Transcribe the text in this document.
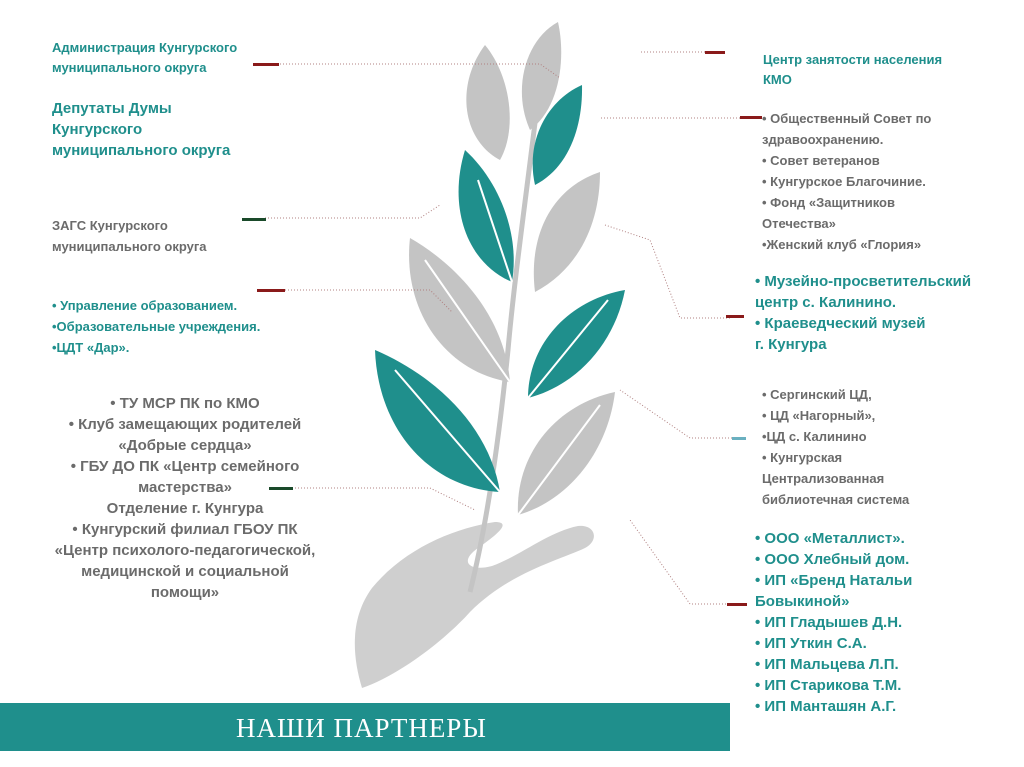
Администрация Кунгурского
муниципального округа
Депутаты Думы
Кунгурского
муниципального округа
ЗАГС Кунгурского
муниципального округа
• Управление образованием.
•Образовательные учреждения.
•ЦДТ «Дар».
• ТУ МСР ПК по КМО
• Клуб замещающих родителей
«Добрые сердца»
• ГБУ ДО ПК «Центр семейного
мастерства»
Отделение г. Кунгура
• Кунгурский филиал ГБОУ ПК
«Центр психолого-педагогической,
медицинской и социальной
помощи»
Центр занятости населения
КМО
• Общественный Совет по
здравоохранению.
• Совет ветеранов
• Кунгурское Благочиние.
• Фонд «Защитников
Отечества»
•Женский клуб «Глория»
• Музейно-просветительский
центр с. Калинино.
• Краеведческий музей
г. Кунгура
• Сергинский ЦД,
• ЦД «Нагорный»,
•ЦД с. Калинино
• Кунгурская
Централизованная
библиотечная система
• ООО «Металлист».
• ООО Хлебный дом.
• ИП «Бренд Натальи
Бовыкиной»
• ИП Гладышев Д.Н.
• ИП Уткин С.А.
• ИП Мальцева Л.П.
• ИП Старикова Т.М.
• ИП Манташян А.Г.
НАШИ ПАРТНЕРЫ
